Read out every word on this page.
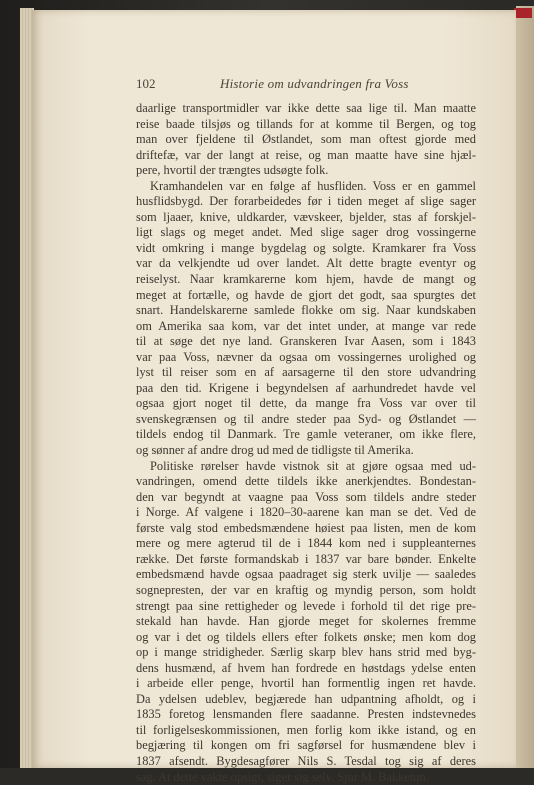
102	Historie om udvandringen fra Voss
daarlige transportmidler var ikke dette saa lige til. Man maatte
reise baade tilsjøs og tillands for at komme til Bergen, og tog
man over fjeldene til Østlandet, som man oftest gjorde med
driftefæ, var der langt at reise, og man maatte have sine hjæl-
pere, hvortil der trængtes udsøgte folk.
Kramhandelen var en følge af husfliden. Voss er en gammel
husflidsbygd. Der forarbeidedes før i tiden meget af slige sager
som ljaaer, knive, uldkarder, vævskeer, bjelder, stas af forskjel-
ligt slags og meget andet. Med slige sager drog vossingerne
vidt omkring i mange bygdelag og solgte. Kramkarer fra Voss
var da velkjendte ud over landet. Alt dette bragte eventyr og
reiselyst. Naar kramkarerne kom hjem, havde de mangt og
meget at fortælle, og havde de gjort det godt, saa spurgtes det
snart. Handelskarerne samlede flokke om sig. Naar kundskaben
om Amerika saa kom, var det intet under, at mange var rede
til at søge det nye land. Granskeren Ivar Aasen, som i 1843
var paa Voss, nævner da ogsaa om vossingernes urolighed og
lyst til reiser som en af aarsagerne til den store udvandring
paa den tid. Krigene i begyndelsen af aarhundredet havde vel
ogsaa gjort noget til dette, da mange fra Voss var over til
svenskegrænsen og til andre steder paa Syd- og Østlandet —
tildels endog til Danmark. Tre gamle veteraner, om ikke flere,
og sønner af andre drog ud med de tidligste til Amerika.
Politiske rørelser havde vistnok sit at gjøre ogsaa med ud-
vandringen, omend dette tildels ikke anerkjendtes. Bondestan-
den var begyndt at vaagne paa Voss som tildels andre steder
i Norge. Af valgene i 1820–30-aarene kan man se det. Ved de
første valg stod embedsmændene høiest paa listen, men de kom
mere og mere agterud til de i 1844 kom ned i suppleanternes
række. Det første formandskab i 1837 var bare bønder. Enkelte
embedsmænd havde ogsaa paadraget sig sterk uvilje — saaledes
sognepresten, der var en kraftig og myndig person, som holdt
strengt paa sine rettigheder og levede i forhold til det rige pre-
stekald han havde. Han gjorde meget for skolernes fremme
og var i det og tildels ellers efter folkets ønske; men kom dog
op i mange stridigheder. Særlig skarp blev hans strid med byg-
dens husmænd, af hvem han fordrede en høstdags ydelse enten
i arbeide eller penge, hvortil han formentlig ingen ret havde.
Da ydelsen udeblev, begjærede han udpantning afholdt, og i
1835 foretog lensmanden flere saadanne. Presten indstevnedes
til forligelseskommissionen, men forlig kom ikke istand, og en
begjæring til kongen om fri sagførsel for husmændene blev i
1837 afsendt. Bygdesagfører Nils S. Tesdal tog sig af deres
sag. At dette vakte opsigt, siger sig selv. Sjur M. Bakketun,
